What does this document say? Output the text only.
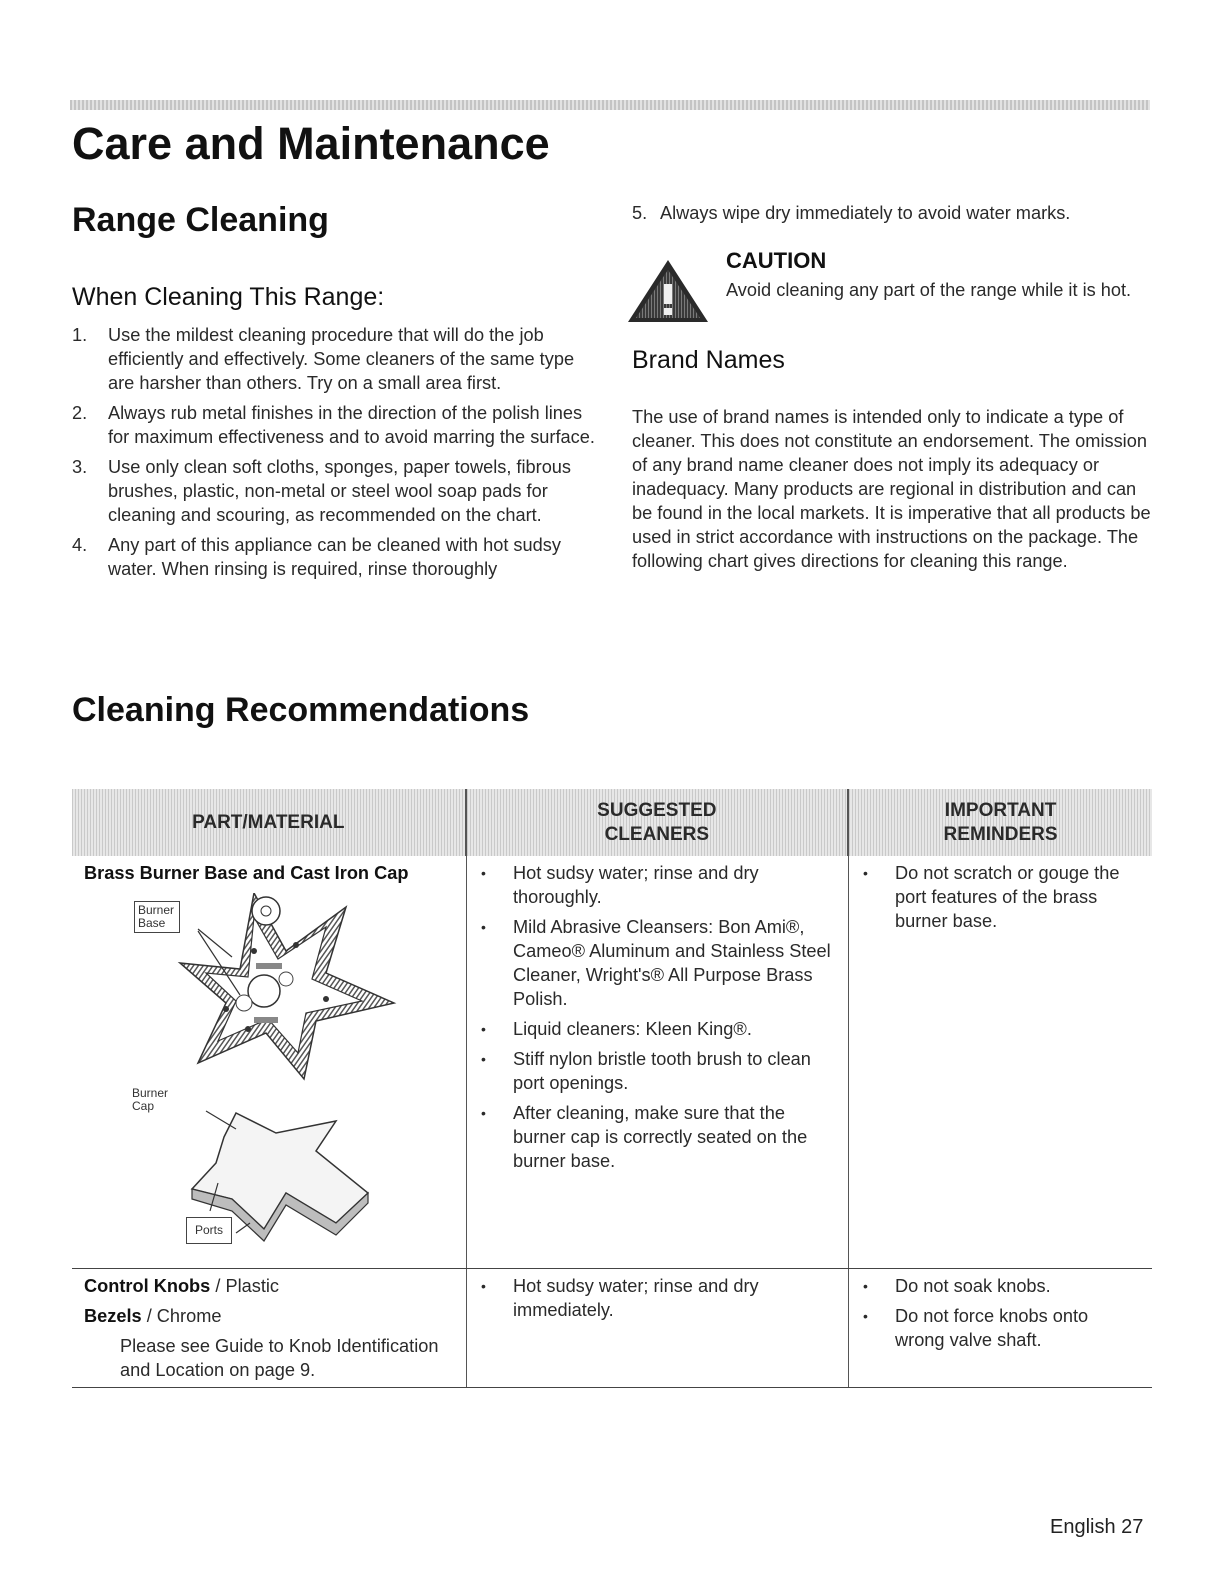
Care and Maintenance
Range Cleaning
When Cleaning This Range:
1. Use the mildest cleaning procedure that will do the job efficiently and effectively. Some cleaners of the same type are harsher than others. Try on a small area first.
2. Always rub metal finishes in the direction of the polish lines for maximum effectiveness and to avoid marring the surface.
3. Use only clean soft cloths, sponges, paper towels, fibrous brushes, plastic, non-metal or steel wool soap pads for cleaning and scouring, as recommended on the chart.
4. Any part of this appliance can be cleaned with hot sudsy water. When rinsing is required, rinse thoroughly
5. Always wipe dry immediately to avoid water marks.
CAUTION
Avoid cleaning any part of the range while it is hot.
Brand Names

The use of brand names is intended only to indicate a type of cleaner. This does not constitute an endorsement. The omission of any brand name cleaner does not imply its adequacy or inadequacy. Many products are regional in distribution and can be found in the local markets. It is imperative that all products be used in strict accordance with instructions on the package. The following chart gives directions for cleaning this range.

Cleaning Recommendations
PART/MATERIAL
SUGGESTED CLEANERS
IMPORTANT REMINDERS
Brass Burner Base and Cast Iron Cap
Burner Base
Burner Cap
Ports
• Hot sudsy water; rinse and dry thoroughly.
• Mild Abrasive Cleansers: Bon Ami®, Cameo® Aluminum and Stainless Steel Cleaner, Wright's® All Purpose Brass Polish.
• Liquid cleaners: Kleen King®.
• Stiff nylon bristle tooth brush to clean port openings.
• After cleaning, make sure that the burner cap is correctly seated on the burner base.
• Do not scratch or gouge the port features of the brass burner base.

Control Knobs / Plastic

Bezels / Chrome

Please see Guide to Knob Identification and Location on page 9.

• Hot sudsy water; rinse and dry immediately.
• Do not soak knobs.
• Do not force knobs onto wrong valve shaft.
English 27
